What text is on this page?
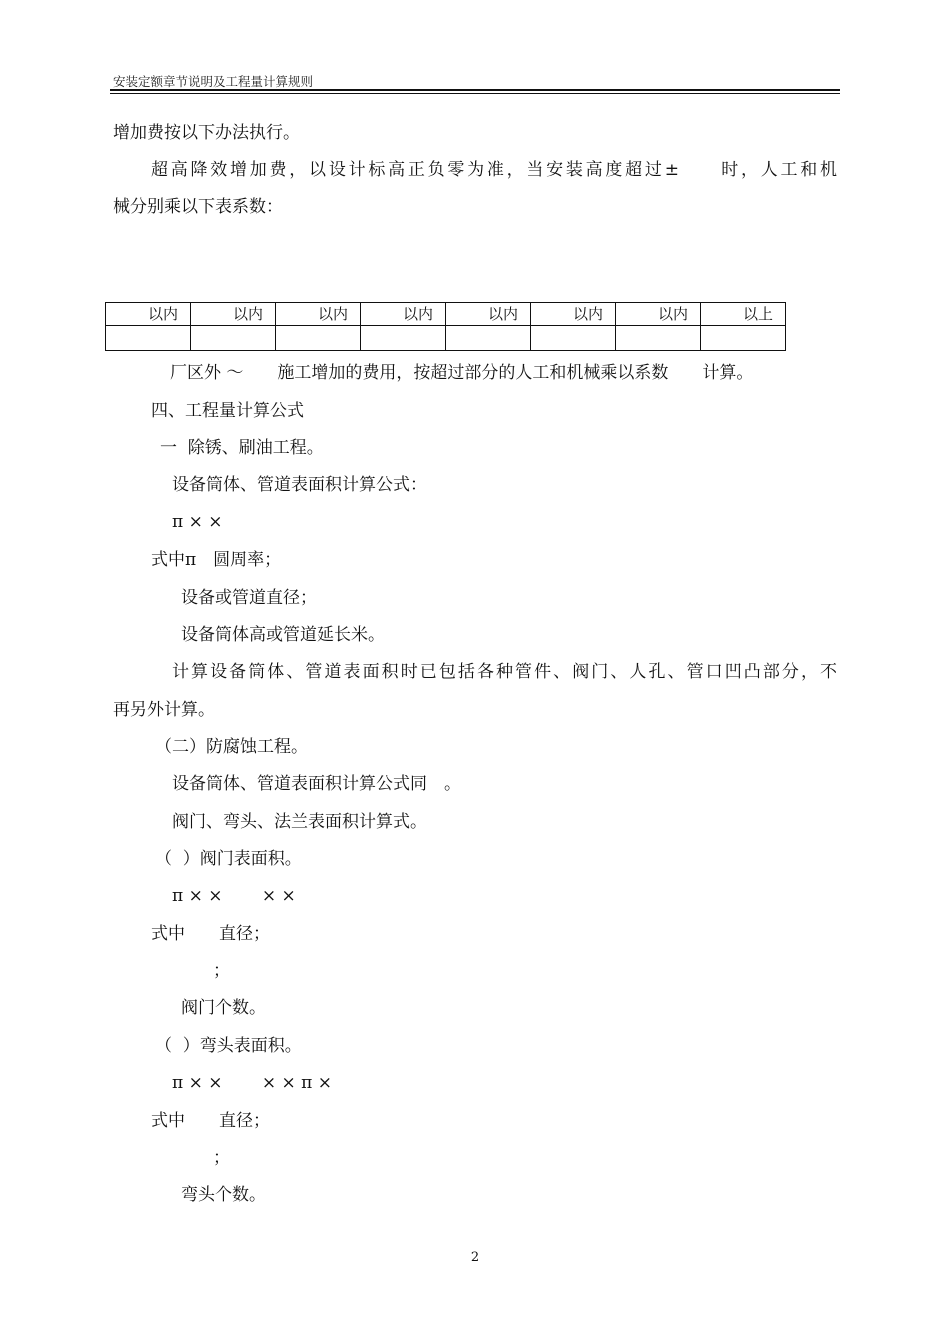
安装定额章节说明及工程量计算规则
增加费按以下办法执行。
超高降效增加费，以设计标高正负零为准，当安装高度超过±　　时，人工和机
械分别乘以下表系数：
以内	以内	以内	以内	以内	以内	以内	以上

厂区外 ～　　施工增加的费用，按超过部分的人工和机械乘以系数　　计算。
四、工程量计算公式
一  除锈、刷油工程。
设备筒体、管道表面积计算公式：
π × ×
式中π　圆周率；
设备或管道直径；
设备筒体高或管道延长米。
计算设备筒体、管道表面积时已包括各种管件、阀门、人孔、管口凹凸部分，不
再另外计算。
（二）防腐蚀工程。
设备筒体、管道表面积计算公式同　。
阀门、弯头、法兰表面积计算式。
（  ）阀门表面积。
π × ×　　 × ×
式中　　直径；
；
阀门个数。
（  ）弯头表面积。
π × ×　　 × × π ×
式中　　直径；
；
弯头个数。
2
